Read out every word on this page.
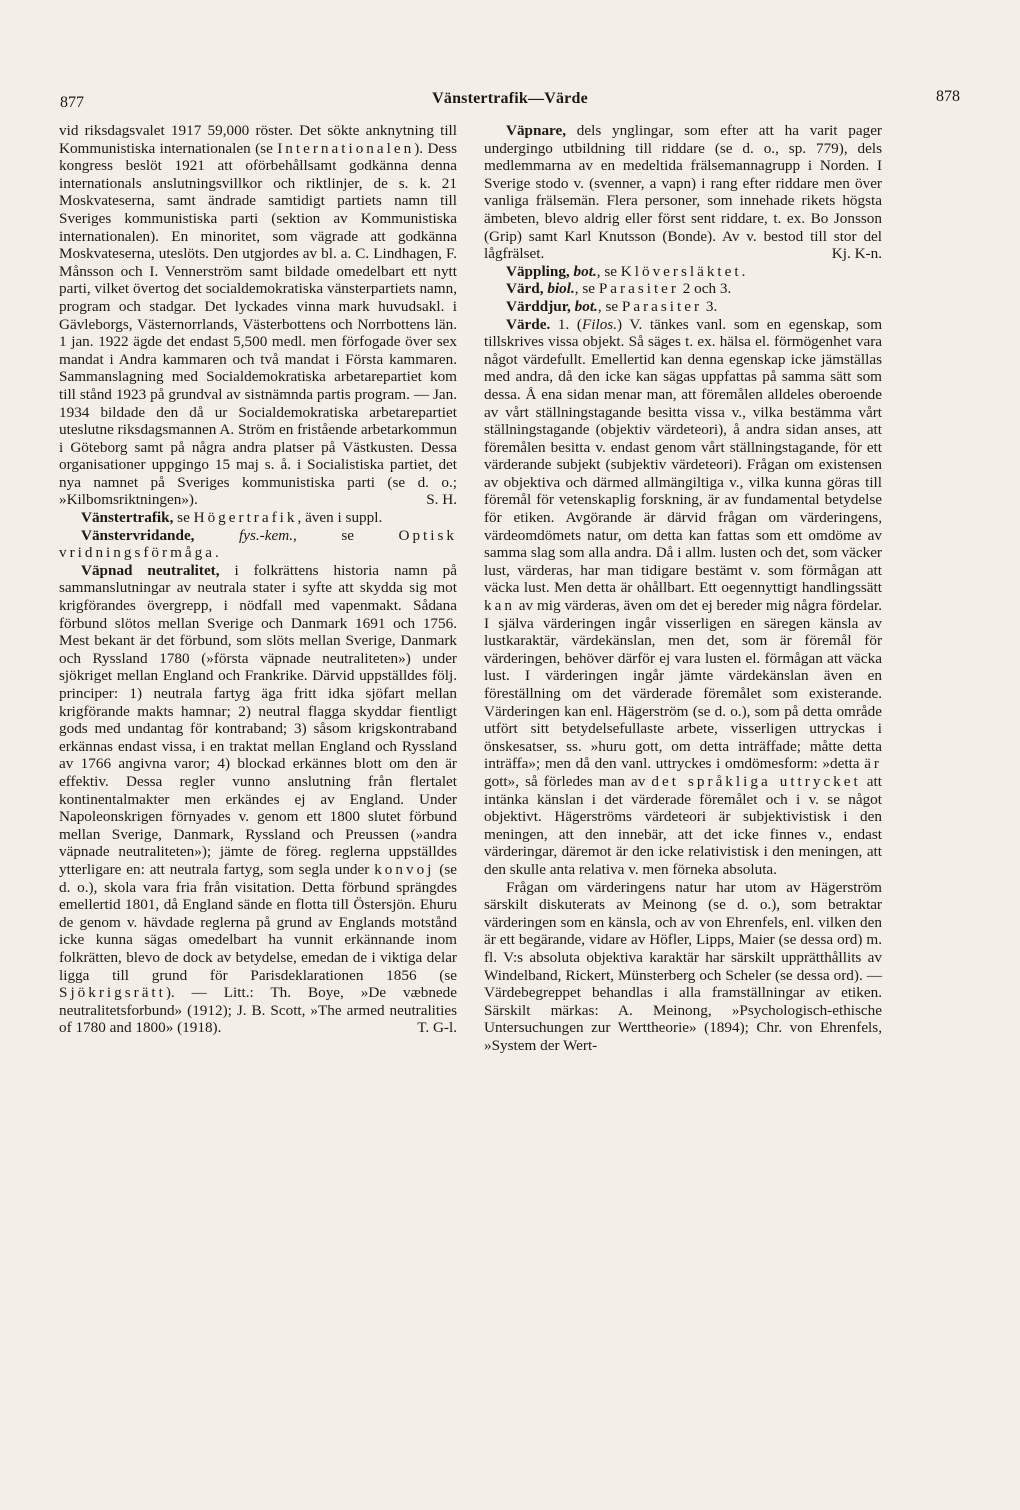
877	Vänstertrafik—Värde	878

vid riksdagsvalet 1917 59,000 röster. Det sökte anknytning till Kommunistiska internationalen (se Internationalen). Dess kongress beslöt 1921 att oförbehållsamt godkänna denna internationals anslutningsvillkor och riktlinjer, de s. k. 21 Moskvateserna, samt ändrade samtidigt partiets namn till Sveriges kommunistiska parti (sektion av Kommunistiska internationalen). En minoritet, som vägrade att godkänna Moskvateserna, uteslöts. Den utgjordes av bl. a. C. Lindhagen, F. Månsson och I. Vennerström samt bildade omedelbart ett nytt parti, vilket övertog det socialdemokratiska vänsterpartiets namn, program och stadgar. Det lyckades vinna mark huvudsakl. i Gävleborgs, Västernorrlands, Västerbottens och Norrbottens län. 1 jan. 1922 ägde det endast 5,500 medl. men förfogade över sex mandat i Andra kammaren och två mandat i Första kammaren. Sammanslagning med Socialdemokratiska arbetarepartiet kom till stånd 1923 på grundval av sistnämnda partis program. — Jan. 1934 bildade den då ur Socialdemokratiska arbetarepartiet uteslutne riksdagsmannen A. Ström en fristående arbetarkommun i Göteborg samt på några andra platser på Västkusten. Dessa organisationer uppgingo 15 maj s. å. i Socialistiska partiet, det nya namnet på Sveriges kommunistiska parti (se d. o.; »Kilbomsriktningen»).	S. H.

Vänstertrafik, se Högertrafik, även i suppl.

Vänstervridande,	fys.-kem., se Optisk vridningsförmåga.

Väpnad neutralitet, i folkrättens historia namn på sammanslutningar av neutrala stater i syfte att skydda sig mot krigförandes övergrepp, i nödfall med vapenmakt. Sådana förbund slötos mellan Sverige och Danmark 1691 och 1756. Mest bekant är det förbund, som slöts mellan Sverige, Danmark och Ryssland 1780 (»första väpnade neutraliteten») under sjökriget mellan England och Frankrike. Därvid uppställdes följ. principer: 1) neutrala fartyg äga fritt idka sjöfart mellan krigförande makts hamnar; 2) neutral flagga skyddar fientligt gods med undantag för kontraband; 3) såsom krigskontraband erkännas endast vissa, i en traktat mellan England och Ryssland av 1766 angivna varor; 4) blockad erkännes blott om den är effektiv. Dessa regler vunno anslutning från flertalet kontinentalmakter men erkändes ej av England. Under Napoleonskrigen förnyades v. genom ett 1800 slutet förbund mellan Sverige, Danmark, Ryssland och Preussen (»andra väpnade neutraliteten»); jämte de föreg. reglerna uppställdes ytterligare en: att neutrala fartyg, som segla under konvoj (se d. o.), skola vara fria från visitation. Detta förbund sprängdes emellertid 1801, då England sände en flotta till Östersjön. Ehuru de genom v. hävdade reglerna på grund av Englands motstånd icke kunna sägas omedelbart ha vunnit erkännande inom folkrätten, blevo de dock av betydelse, emedan de i viktiga delar ligga till grund för Parisdeklarationen 1856 (se Sjökrigsrätt). — Litt.: Th. Boye, »De væbnede neutralitetsforbund» (1912); J. B. Scott, »The armed neutralities of 1780 and 1800» (1918).	T. G-l.

Väpnare, dels ynglingar, som efter att ha varit pager undergingo utbildning till riddare (se d. o., sp. 779), dels medlemmarna av en medeltida frälsemannagrupp i Norden. I Sverige stodo v. (svenner, a vapn) i rang efter riddare men över vanliga frälsemän. Flera personer, som innehade rikets högsta ämbeten, blevo aldrig eller först sent riddare, t. ex. Bo Jonsson (Grip) samt Karl Knutsson (Bonde). Av v. bestod till stor del lågfrälset.	Kj. K-n.

Väppling, bot., se Klöversläktet.

Värd, biol., se Parasiter 2 och 3.

Värddjur, bot., se Parasiter 3.

Värde. 1. (Filos.) V. tänkes vanl. som en egenskap, som tillskrives vissa objekt. Så säges t. ex. hälsa el. förmögenhet vara något värdefullt. Emellertid kan denna egenskap icke jämställas med andra, då den icke kan sägas uppfattas på samma sätt som dessa. Å ena sidan menar man, att föremålen alldeles oberoende av vårt ställningstagande besitta vissa v., vilka bestämma vårt ställningstagande (objektiv värdeteori), å andra sidan anses, att föremålen besitta v. endast genom vårt ställningstagande, för ett värderande subjekt (subjektiv värdeteori). Frågan om existensen av objektiva och därmed allmängiltiga v., vilka kunna göras till föremål för vetenskaplig forskning, är av fundamental betydelse för etiken. Avgörande är därvid frågan om värderingens, värdeomdömets natur, om detta kan fattas som ett omdöme av samma slag som alla andra. Då i allm. lusten och det, som väcker lust, värderas, har man tidigare bestämt v. som förmågan att väcka lust. Men detta är ohållbart. Ett oegennyttigt handlingssätt kan av mig värderas, även om det ej bereder mig några fördelar. I själva värderingen ingår visserligen en säregen känsla av lustkaraktär, värdekänslan, men det, som är föremål för värderingen, behöver därför ej vara lusten el. förmågan att väcka lust. I värderingen ingår jämte värdekänslan även en föreställning om det värderade föremålet som existerande. Värderingen kan enl. Hägerström (se d. o.), som på detta område utfört sitt betydelsefullaste arbete, visserligen uttryckas i önskesatser, ss. »huru gott, om detta inträffade; måtte detta inträffa»; men då den vanl. uttryckes i omdömesform: »detta är gott», så förledes man av det språkliga uttrycket att intänka känslan i det värderade föremålet och i v. se något objektivt. Hägerströms värdeteori är subjektivistisk i den meningen, att den innebär, att det icke finnes v., endast värderingar, däremot är den icke relativistisk i den meningen, att den skulle anta relativa v. men förneka absoluta.

Frågan om värderingens natur har utom av Hägerström särskilt diskuterats av Meinong (se d. o.), som betraktar värderingen som en känsla, och av von Ehrenfels, enl. vilken den är ett begärande, vidare av Höfler, Lipps, Maier (se dessa ord) m. fl. V:s absoluta objektiva karaktär har särskilt upprätthållits av Windelband, Rickert, Münsterberg och Scheler (se dessa ord). — Värdebegreppet behandlas i alla framställningar av etiken. Särskilt märkas: A. Meinong, »Psychologisch-ethische Untersuchungen zur Werttheorie» (1894); Chr. von Ehrenfels, »System der Wert-
